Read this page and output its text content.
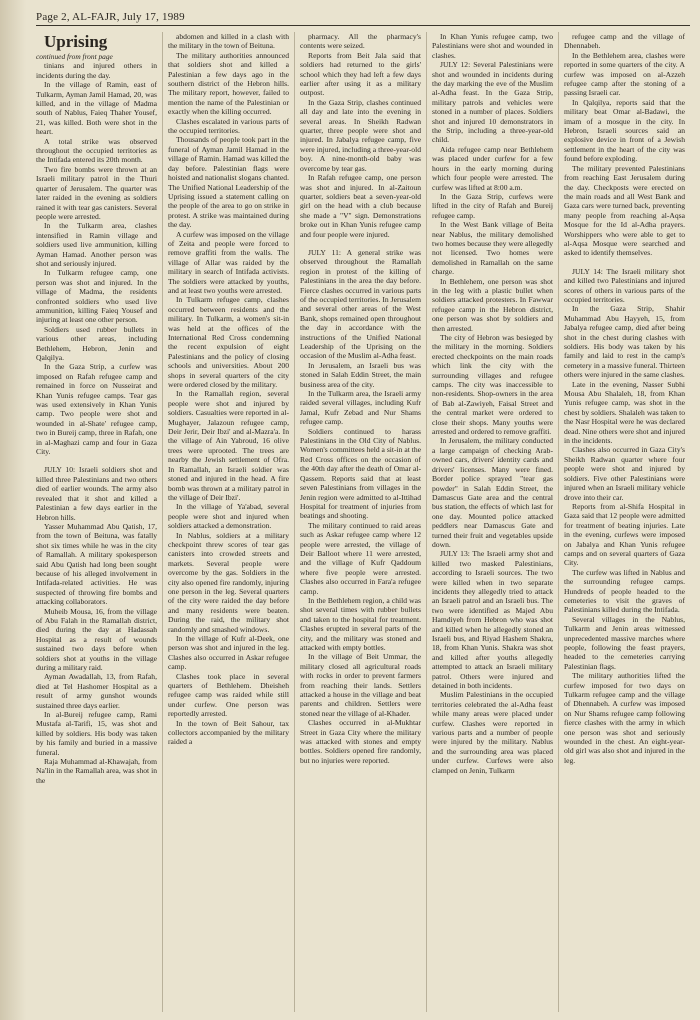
Page 2, AL-FAJR, July 17, 1989

Uprising

continued from front page

tinians and injured others in incidents during the day.

In the village of Ramin, east of Tulkarm, Ayman Jamil Hamad, 20, was killed, and in the village of Madma south of Nablus, Faieq Thaher Yousef, 21, was killed. Both were shot in the heart.

A total strike was observed throughout the occupied territories as the Intifada entered its 20th month.

Two fire bombs were thrown at an Israeli military patrol in the Thuri quarter of Jerusalem. The quarter was later raided in the evening as soldiers rained it with tear gas canisters. Several people were arrested.

In the Tulkarm area, clashes intensified in Ramin village and soldiers used live ammunition, killing Ayman Hamad. Another person was shot and seriously injured.

In Tulkarm refugee camp, one person was shot and injured. In the village of Madma, the residents confronted soldiers who used live ammunition, killing Faieq Yousef and injuring at least one other person.

Soldiers used rubber bullets in various other areas, including Bethlehem, Hebron, Jenin and Qalqilya.

In the Gaza Strip, a curfew was imposed on Rafah refugee camp and remained in force on Nusseirat and Khan Yunis refugee camps. Tear gas was used extensively in Khan Yunis camp. Two people were shot and wounded in al-Shate' refugee camp, two in Bureij camp, three in Rafah, one in al-Maghazi camp and four in Gaza City.

JULY 10: Israeli soldiers shot and killed three Palestinians and two others died of earlier wounds. The army also revealed that it shot and killed a Palestinian a few days earlier in the Hebron hills.

Yasser Muhammad Abu Qatish, 17, from the town of Beituna, was fatally shot six times while he was in the city of Ramallah. A military spokesperson said Abu Qatish had long been sought because of his alleged involvement in Intifada-related activities. He was suspected of throwing fire bombs and attacking collaborators.

Muheib Mousa, 16, from the village of Abu Falah in the Ramallah district, died during the day at Hadassah Hospital as a result of wounds sustained two days before when soldiers shot at youths in the village during a military raid.

Ayman Awadallah, 13, from Rafah, died at Tel Hashomer Hospital as a result of army gunshot wounds sustained three days earlier.

In al-Bureij refugee camp, Rami Mustafa al-Tarifi, 15, was shot and killed by soldiers. His body was taken by his family and buried in a massive funeral.

Raja Muhammad al-Khawajah, from Na'lin in the Ramallah area, was shot in the

abdomen and killed in a clash with the military in the town of Beituna.

The military authorities announced that soldiers shot and killed a Palestinian a few days ago in the southern district of the Hebron hills. The military report, however, failed to mention the name of the Palestinian or exactly when the killing occurred.

Clashes escalated in various parts of the occupied territories.

Thousands of people took part in the funeral of Ayman Jamil Hamad in the village of Ramin. Hamad was killed the day before. Palestinian flags were hoisted and nationalist slogans chanted. The Unified National Leadership of the Uprising issued a statement calling on the people of the area to go on strike in protest. A strike was maintained during the day.

A curfew was imposed on the village of Zeita and people were forced to remove graffiti from the walls. The village of Allar was raided by the military in search of Intifada activists. The soldiers were attacked by youths, and at least two youths were arrested.

In Tulkarm refugee camp, clashes occurred between residents and the military. In Tulkarm, a women's sit-in was held at the offices of the International Red Cross condemning the recent expulsion of eight Palestinians and the policy of closing schools and universities. About 200 shops in several quarters of the city were ordered closed by the military.

In the Ramallah region, several people were shot and injured by soldiers. Casualties were reported in al-Mughayer, Jalazoun refugee camp, Deir Jerir, Deir Ibzi' and al-Mazra'a. In the village of Ain Yabroud, 16 olive trees were uprooted. The trees are nearby the Jewish settlement of Ofra. In Ramallah, an Israeli soldier was stoned and injured in the head. A fire bomb was thrown at a military patrol in the village of Deir Ibzi'.

In the village of Ya'abad, several people were shot and injured when soldiers attacked a demonstration.

In Nablus, soldiers at a military checkpoint threw scores of tear gas canisters into crowded streets and markets. Several people were overcome by the gas. Soldiers in the city also opened fire randomly, injuring one person in the leg. Several quarters of the city were raided the day before and many residents were beaten. During the raid, the military shot randomly and smashed windows.

In the village of Kufr al-Deek, one person was shot and injured in the leg. Clashes also occurred in Askar refugee camp.

Clashes took place in several quarters of Bethlehem. Dheisheh refugee camp was raided while still under curfew. One person was reportedly arrested.

In the town of Beit Sahour, tax collectors accompanied by the military raided a

pharmacy. All the pharmacy's contents were seized.

Reports from Beit Jala said that soldiers had returned to the girls' school which they had left a few days earlier after using it as a military outpost.

In the Gaza Strip, clashes continued all day and late into the evening in several areas. In Sheikh Radwan quarter, three people were shot and injured. In Jabalya refugee camp, five were injured, including a three-year-old boy. A nine-month-old baby was overcome by tear gas.

In Rafah refugee camp, one person was shot and injured. In al-Zaitoun quarter, soldiers beat a seven-year-old girl on the head with a club because she made a "V" sign. Demonstrations broke out in Khan Yunis refugee camp and four people were injured.

JULY 11: A general strike was observed throughout the Ramallah region in protest of the killing of Palestinians in the area the day before. Fierce clashes occurred in various parts of the occupied territories. In Jerusalem and several other areas of the West Bank, shops remained open throughout the day in accordance with the instructions of the Unified National Leadership of the Uprising on the occasion of the Muslim al-Adha feast.

In Jerusalem, an Israeli bus was stoned in Salah Eddin Street, the main business area of the city.

In the Tulkarm area, the Israeli army raided several villages, including Kufr Jamal, Kufr Zebad and Nur Shams refugee camp.

Soldiers continued to harass Palestinians in the Old City of Nablus. Women's committees held a sit-in at the Red Cross offices on the occasion of the 40th day after the death of Omar al-Qassem. Reports said that at least seven Palestinians from villages in the Jenin region were admitted to al-Ittihad Hospital for treatment of injuries from beatings and shooting.

The military continued to raid areas such as Askar refugee camp where 12 people were arrested, the village of Deir Balloot where 11 were arrested, and the village of Kufr Qaddoum where five people were arrested. Clashes also occurred in Fara'a refugee camp.

In the Bethlehem region, a child was shot several times with rubber bullets and taken to the hospital for treatment. Clashes erupted in several parts of the city, and the military was stoned and attacked with empty bottles.

In the village of Beit Ummar, the military closed all agricultural roads with rocks in order to prevent farmers from reaching their lands. Settlers attacked a house in the village and beat parents and children. Settlers were stoned near the village of al-Khader.

Clashes occurred in al-Mukhtar Street in Gaza City where the military was attacked with stones and empty bottles. Soldiers opened fire randomly, but no injuries were reported.

In Khan Yunis refugee camp, two Palestinians were shot and wounded in clashes.

JULY 12: Several Palestinians were shot and wounded in incidents during the day marking the eve of the Muslim al-Adha feast. In the Gaza Strip, military patrols and vehicles were stoned in a number of places. Soldiers shot and injured 10 demonstrators in the Strip, including a three-year-old child.

Aida refugee camp near Bethlehem was placed under curfew for a few hours in the early morning during which four people were arrested. The curfew was lifted at 8:00 a.m.

In the Gaza Strip, curfews were lifted in the city of Rafah and Bureij refugee camp.

In the West Bank village of Beita near Nablus, the military demolished two homes because they were allegedly not licensed. Two homes were demolished in Ramallah on the same charge.

In Bethlehem, one person was shot in the leg with a plastic bullet when soldiers attacked protesters. In Fawwar refugee camp in the Hebron district, one person was shot by soldiers and then arrested.

The city of Hebron was besieged by the military in the morning. Soldiers erected checkpoints on the main roads which link the city with the surrounding villages and refugee camps. The city was inaccessible to non-residents. Shop-owners in the area of Bab al-Zawiyeh, Faisal Street and the central market were ordered to close their shops. Many youths were arrested and ordered to remove graffiti.

In Jerusalem, the military conducted a large campaign of checking Arab-owned cars, drivers' identity cards and drivers' licenses. Many were fined. Border police sprayed "tear gas powder" in Salah Eddin Street, the Damascus Gate area and the central bus station, the effects of which last for one day. Mounted police attacked peddlers near Damascus Gate and turned their fruit and vegetables upside down.

JULY 13: The Israeli army shot and killed two masked Palestinians, according to Israeli sources. The two were killed when in two separate incidents they allegedly tried to attack an Israeli patrol and an Israeli bus. The two were identified as Majed Abu Hamdiyeh from Hebron who was shot and killed when he allegedly stoned an Israeli bus, and Riyad Hashem Shakra, 18, from Khan Yunis. Shakra was shot and killed after youths allegedly attempted to attack an Israeli military patrol. Others were injured and detained in both incidents.

Muslim Palestinians in the occupied territories celebrated the al-Adha feast while many areas were placed under curfew. Clashes were reported in various parts and a number of people were injured by the military. Nablus and the surrounding area was placed under curfew. Curfews were also clamped on Jenin, Tulkarm

refugee camp and the village of Dhennabeh.

In the Bethlehem area, clashes were reported in some quarters of the city. A curfew was imposed on al-Azzeh refugee camp after the stoning of a passing Israeli car.

In Qalqilya, reports said that the military beat Omar al-Badawi, the imam of a mosque in the city. In Hebron, Israeli sources said an explosive device in front of a Jewish settlement in the heart of the city was found before exploding.

The military prevented Palestinians from reaching East Jerusalem during the day. Checkposts were erected on the main roads and all West Bank and Gaza cars were turned back, preventing many people from reaching al-Aqsa Mosque for the Id al-Adha prayers. Worshippers who were able to get to al-Aqsa Mosque were searched and asked to identify themselves.

JULY 14: The Israeli military shot and killed two Palestinians and injured scores of others in various parts of the occupied territories.

In the Gaza Strip, Shahir Muhammad Abu Hayyeh, 15, from Jabalya refugee camp, died after being shot in the chest during clashes with soldiers. His body was taken by his family and laid to rest in the camp's cemetery in a massive funeral. Thirteen others were injured in the same clashes.

Late in the evening, Nasser Subhi Mousa Abu Shalaleh, 18, from Khan Yunis refugee camp, was shot in the chest by soldiers. Shalaleh was taken to the Nasr Hospital were he was declared dead. Nine others were shot and injured in the incidents.

Clashes also occurred in Gaza City's Sheikh Radwan quarter where four people were shot and injured by soldiers. Five other Palestinians were injured when an Israeli military vehicle drove into their car.

Reports from al-Shifa Hospital in Gaza said that 12 people were admitted for treatment of beating injuries. Late in the evening, curfews were imposed on Jabalya and Khan Yunis refugee camps and on several quarters of Gaza City.

The curfew was lifted in Nablus and the surrounding refugee camps. Hundreds of people headed to the cemeteries to visit the graves of Palestinians killed during the Intifada.

Several villages in the Nablus, Tulkarm and Jenin areas witnessed unprecedented massive marches where people, following the feast prayers, headed to the cemeteries carrying Palestinian flags.

The military authorities lifted the curfew imposed for two days on Tulkarm refugee camp and the village of Dhennabeh. A curfew was imposed on Nur Shams refugee camp following fierce clashes with the army in which one person was shot and seriously wounded in the chest. An eight-year-old girl was also shot and injured in the leg.
